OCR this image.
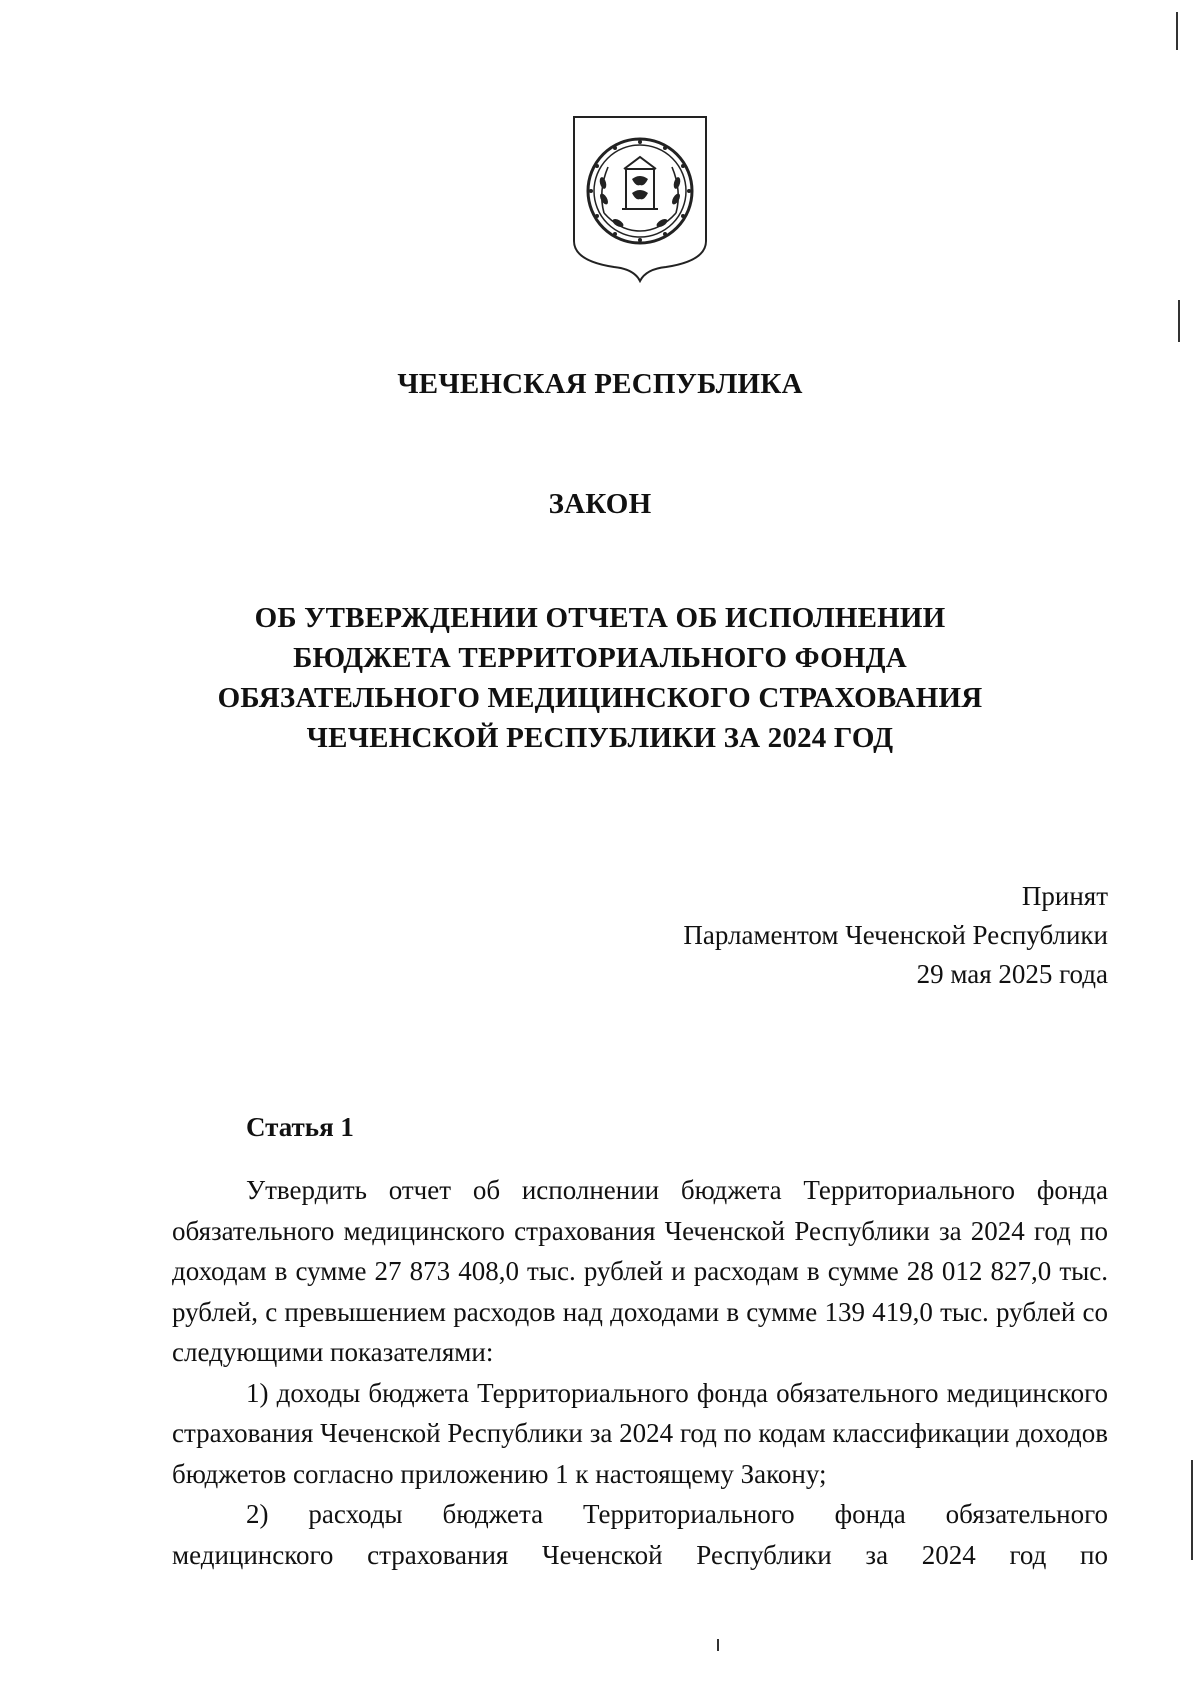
ЧЕЧЕНСКАЯ РЕСПУБЛИКА
ЗАКОН
ОБ УТВЕРЖДЕНИИ ОТЧЕТА ОБ ИСПОЛНЕНИИ
БЮДЖЕТА ТЕРРИТОРИАЛЬНОГО ФОНДА
ОБЯЗАТЕЛЬНОГО МЕДИЦИНСКОГО СТРАХОВАНИЯ
ЧЕЧЕНСКОЙ РЕСПУБЛИКИ ЗА 2024 ГОД
Принят
Парламентом Чеченской Республики
29 мая 2025 года
Статья 1

Утвердить отчет об исполнении бюджета Территориального фонда обязательного медицинского страхования Чеченской Республики за 2024 год по доходам в сумме 27 873 408,0 тыс. рублей и расходам в сумме 28 012 827,0 тыс. рублей, с превышением расходов над доходами в сумме 139 419,0 тыс. рублей со следующими показателями:

1) доходы бюджета Территориального фонда обязательного медицинского страхования Чеченской Республики за 2024 год по кодам классификации доходов бюджетов согласно приложению 1 к настоящему Закону;

2) расходы бюджета Территориального фонда обязательного медицинского страхования Чеченской Республики за 2024 год по
